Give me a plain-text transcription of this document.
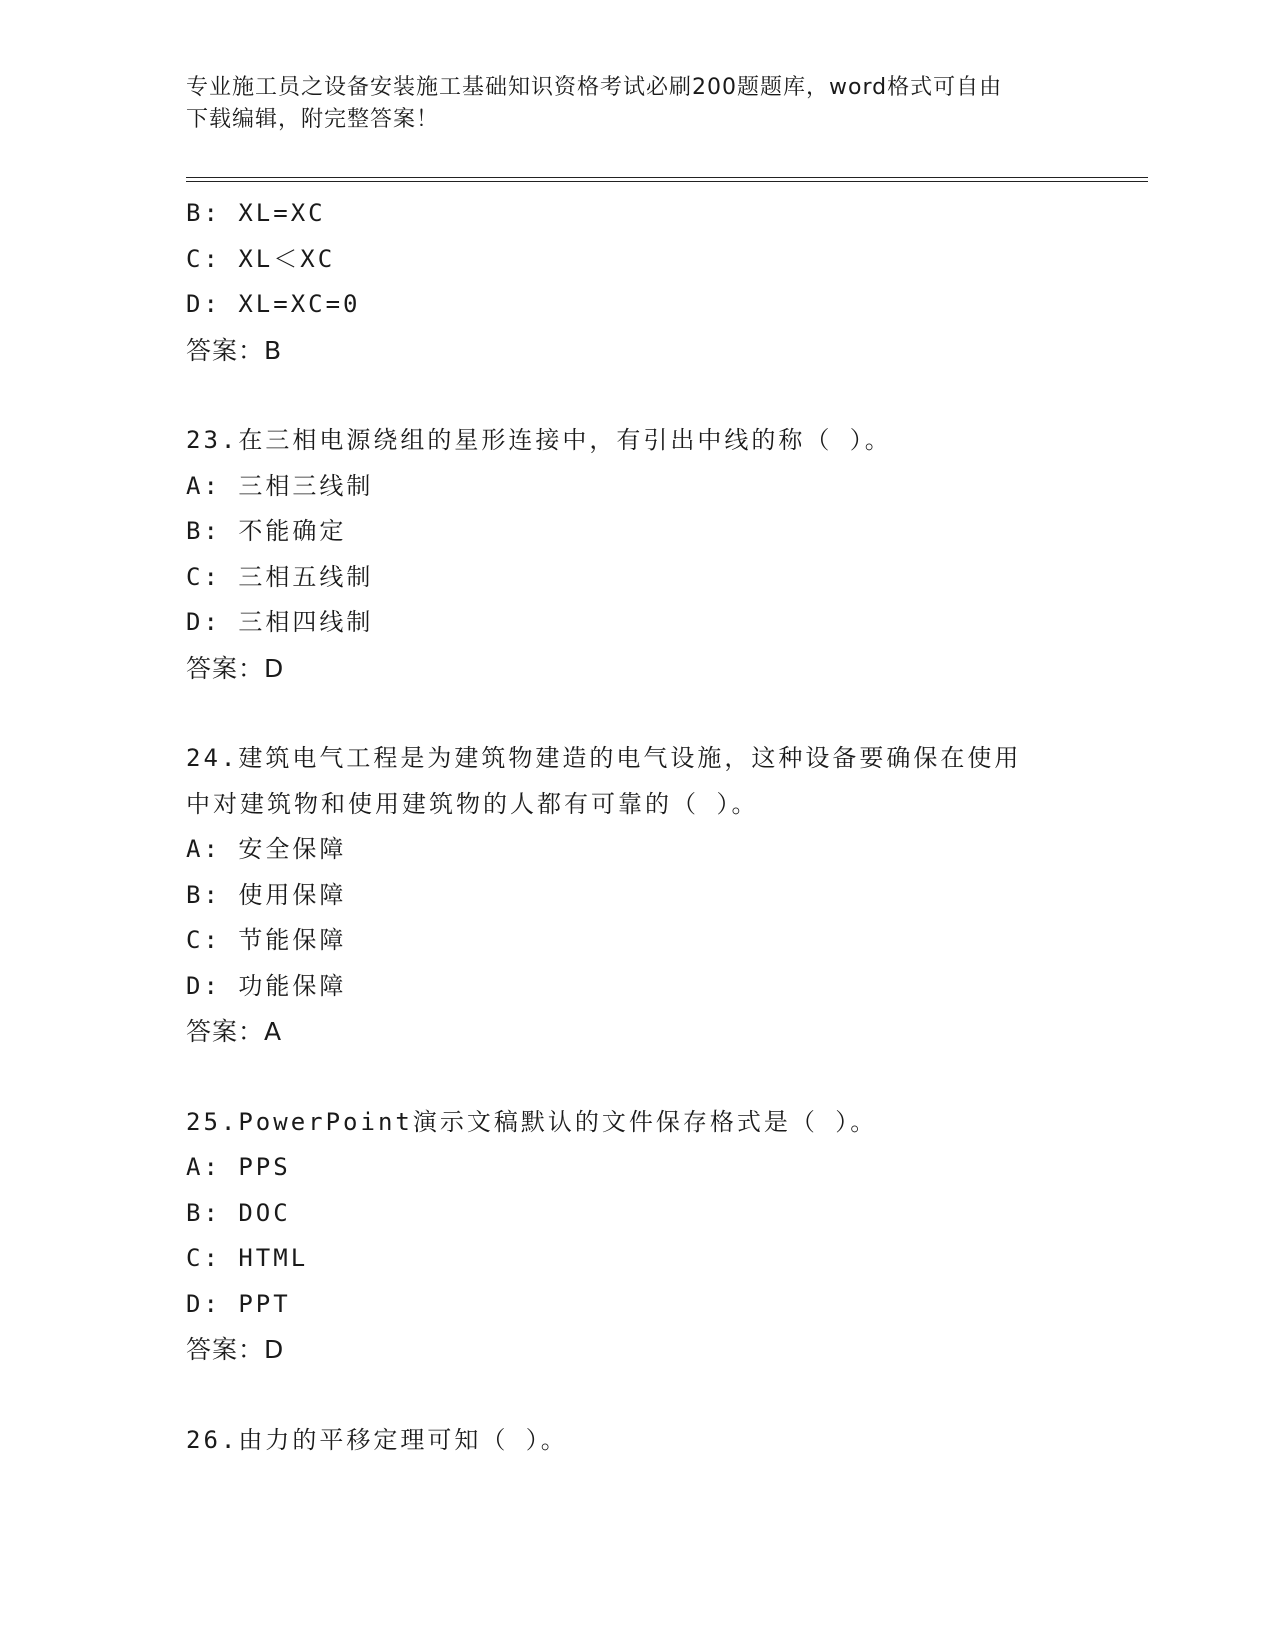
专业施工员之设备安装施工基础知识资格考试必刷200题题库，word格式可自由
下载编辑，附完整答案！
B: XL=XC
C: XL＜XC
D: XL=XC=0
答案：B
23.在三相电源绕组的星形连接中，有引出中线的称（ ）。
A: 三相三线制
B: 不能确定
C: 三相五线制
D: 三相四线制
答案：D
24.建筑电气工程是为建筑物建造的电气设施，这种设备要确保在使用
中对建筑物和使用建筑物的人都有可靠的（ ）。
A: 安全保障
B: 使用保障
C: 节能保障
D: 功能保障
答案：A
25.PowerPoint演示文稿默认的文件保存格式是（ ）。
A: PPS
B: DOC
C: HTML
D: PPT
答案：D
26.由力的平移定理可知（ ）。
